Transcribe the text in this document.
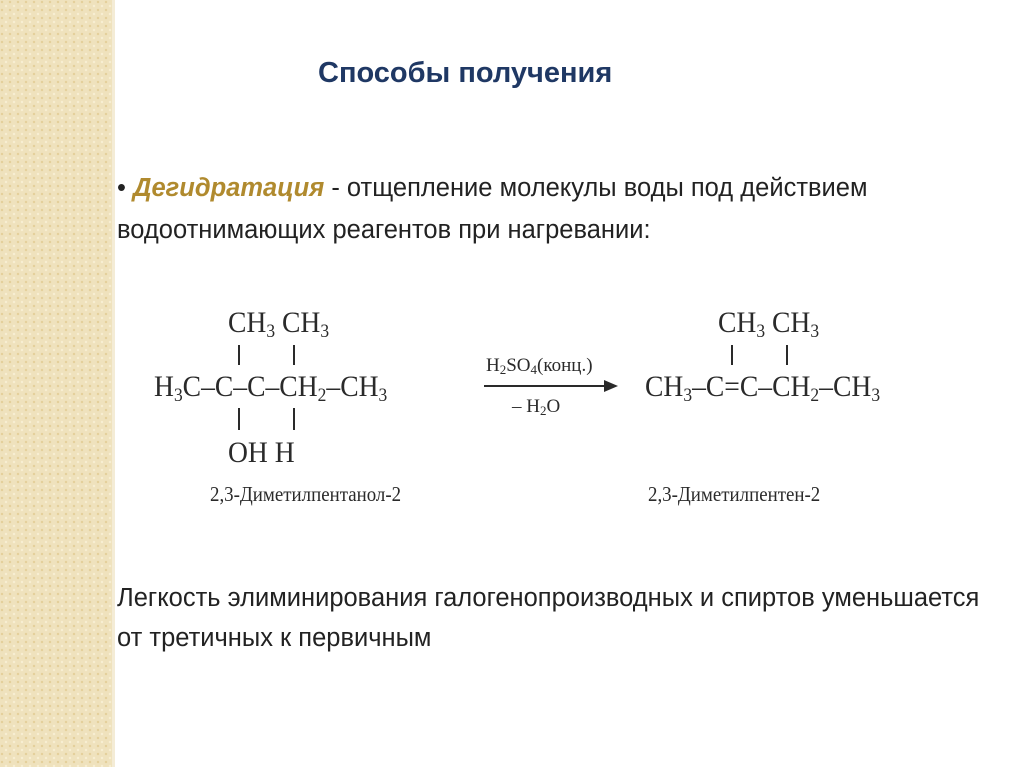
Способы получения
• Дегидратация - отщепление молекулы воды под действием водоотнимающих реагентов при нагревании:
$CH_3$ $CH_3$
$H_3C-C-C-CH_2-CH_3$
OH H
2,3-Диметилпентанол-2
$H_2SO_4(конц.)$
– $H_2O$
$CH_3$ $CH_3$
$CH_3-C=C-CH_2-CH_3$
2,3-Диметилпентен-2
Легкость элиминирования галогенопроизводных и спиртов уменьшается от третичных к первичным
